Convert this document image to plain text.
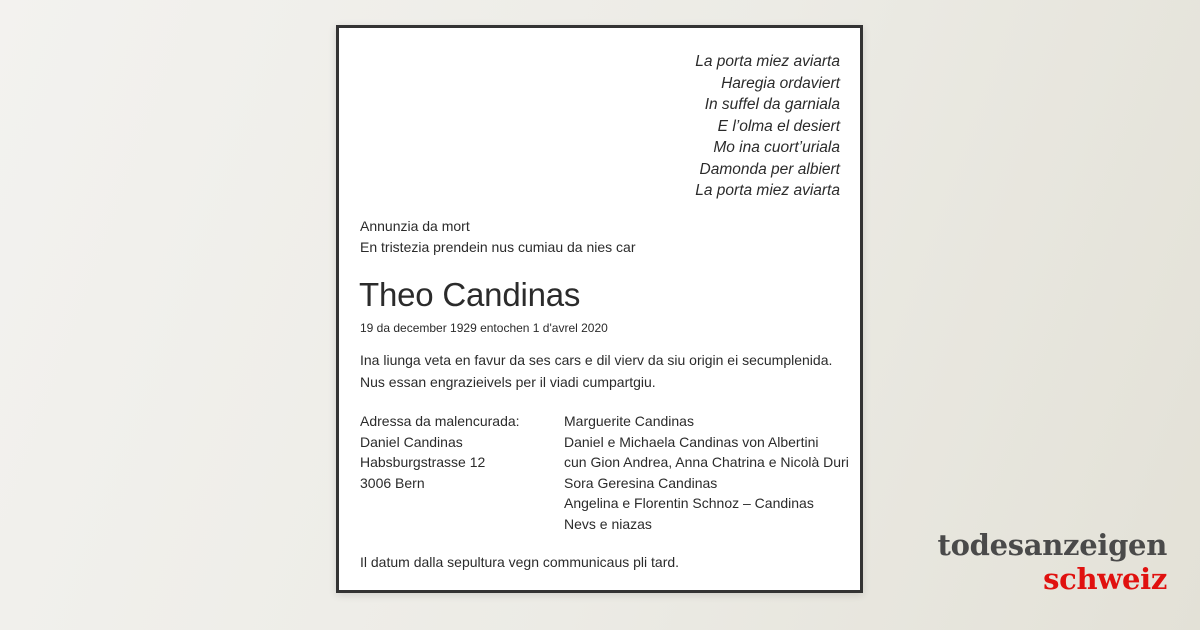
La porta miez aviarta
Haregia ordaviert
In suffel da garniala
E l’olma el desiert
Mo ina cuort’uriala
Damonda per albiert
La porta miez aviarta
Annunzia da mort
En tristezia prendein nus cumiau da nies car
Theo Candinas
19 da december 1929 entochen 1 d'avrel 2020
Ina liunga veta en favur da ses cars e dil vierv da siu origin ei secumplenida.
Nus essan engrazieivels per il viadi cumpartgiu.
Adressa da malencurada:
Daniel Candinas
Habsburgstrasse 12
3006 Bern
Marguerite Candinas
Daniel e Michaela Candinas von Albertini
cun Gion Andrea, Anna Chatrina e Nicolà Duri
Sora Geresina Candinas
Angelina e Florentin Schnoz – Candinas
Nevs e niazas
Il datum dalla sepultura vegn communicaus pli tard.	todesanzeigen
schweiz
